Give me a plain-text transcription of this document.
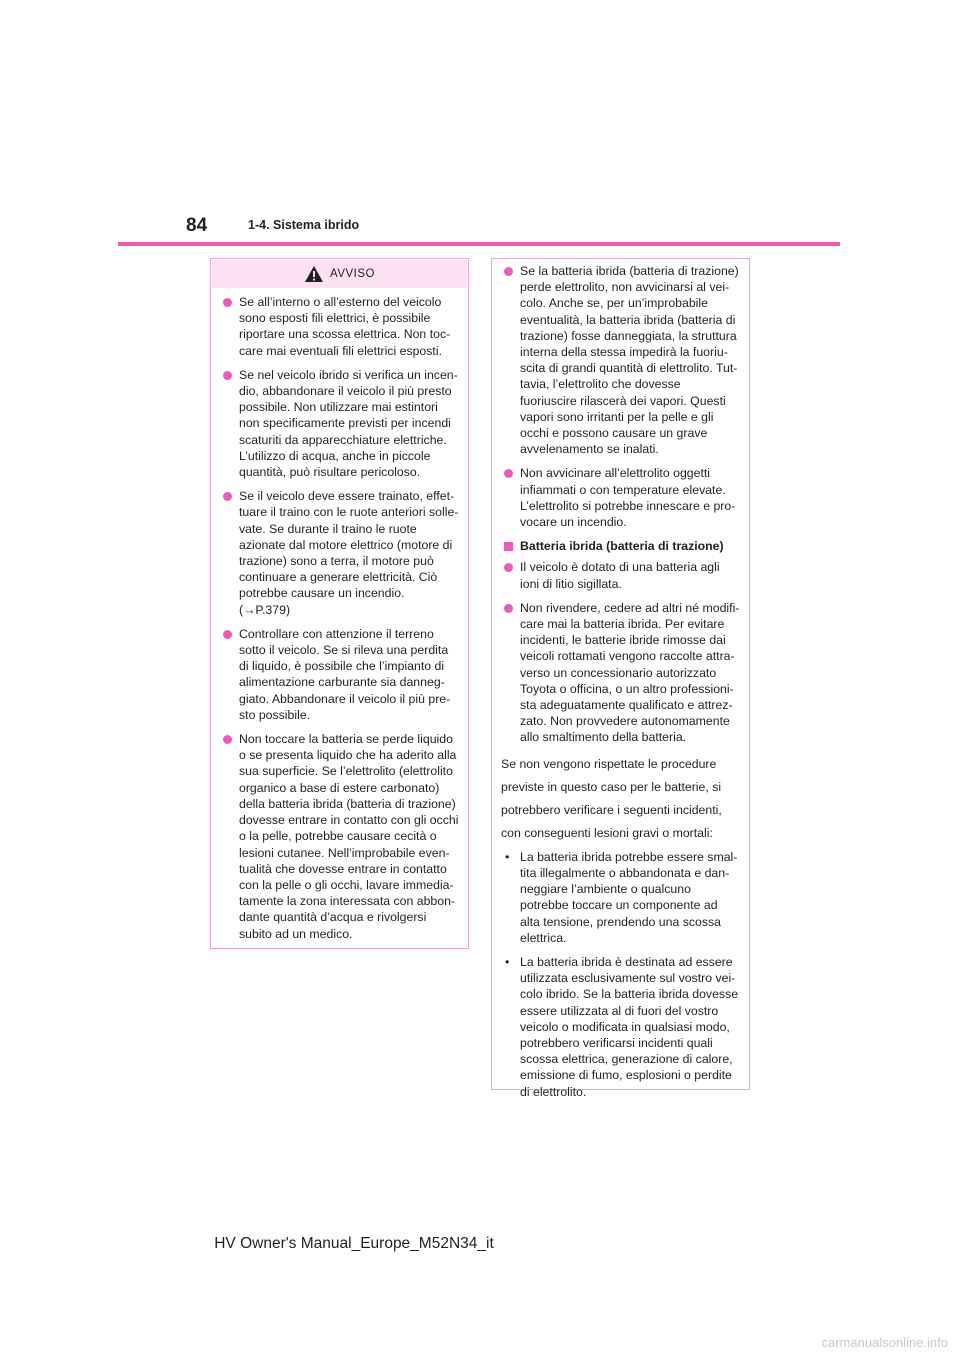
84	1-4. Sistema ibrido
AVVISO
Se all’interno o all’esterno del veicolo
sono esposti fili elettrici, è possibile
riportare una scossa elettrica. Non toc-
care mai eventuali fili elettrici esposti.
Se nel veicolo ibrido si verifica un incen-
dio, abbandonare il veicolo il più presto
possibile. Non utilizzare mai estintori
non specificamente previsti per incendi
scaturiti da apparecchiature elettriche.
L’utilizzo di acqua, anche in piccole
quantità, può risultare pericoloso.
Se il veicolo deve essere trainato, effet-
tuare il traino con le ruote anteriori solle-
vate. Se durante il traino le ruote
azionate dal motore elettrico (motore di
trazione) sono a terra, il motore può
continuare a generare elettricità. Ciò
potrebbe causare un incendio.
(→P.379)
Controllare con attenzione il terreno
sotto il veicolo. Se si rileva una perdita
di liquido, è possibile che l’impianto di
alimentazione carburante sia danneg-
giato. Abbandonare il veicolo il più pre-
sto possibile.
Non toccare la batteria se perde liquido
o se presenta liquido che ha aderito alla
sua superficie. Se l’elettrolito (elettrolito
organico a base di estere carbonato)
della batteria ibrida (batteria di trazione)
dovesse entrare in contatto con gli occhi
o la pelle, potrebbe causare cecità o
lesioni cutanee. Nell’improbabile even-
tualità che dovesse entrare in contatto
con la pelle o gli occhi, lavare immedia-
tamente la zona interessata con abbon-
dante quantità d’acqua e rivolgersi
subito ad un medico.
Se la batteria ibrida (batteria di trazione)
perde elettrolito, non avvicinarsi al vei-
colo. Anche se, per un’improbabile
eventualità, la batteria ibrida (batteria di
trazione) fosse danneggiata, la struttura
interna della stessa impedirà la fuoriu-
scita di grandi quantità di elettrolito. Tut-
tavia, l’elettrolito che dovesse
fuoriuscire rilascerà dei vapori. Questi
vapori sono irritanti per la pelle e gli
occhi e possono causare un grave
avvelenamento se inalati.
Non avvicinare all’elettrolito oggetti
infiammati o con temperature elevate.
L’elettrolito si potrebbe innescare e pro-
vocare un incendio.
Batteria ibrida (batteria di trazione)
Il veicolo è dotato di una batteria agli
ioni di litio sigillata.
Non rivendere, cedere ad altri né modifi-
care mai la batteria ibrida. Per evitare
incidenti, le batterie ibride rimosse dai
veicoli rottamati vengono raccolte attra-
verso un concessionario autorizzato
Toyota o officina, o un altro professioni-
sta adeguatamente qualificato e attrez-
zato. Non provvedere autonomamente
allo smaltimento della batteria.
Se non vengono rispettate le procedure
previste in questo caso per le batterie, si
potrebbero verificare i seguenti incidenti,
con conseguenti lesioni gravi o mortali:
• La batteria ibrida potrebbe essere smal-
tita illegalmente o abbandonata e dan-
neggiare l’ambiente o qualcuno
potrebbe toccare un componente ad
alta tensione, prendendo una scossa
elettrica.
• La batteria ibrida è destinata ad essere
utilizzata esclusivamente sul vostro vei-
colo ibrido. Se la batteria ibrida dovesse
essere utilizzata al di fuori del vostro
veicolo o modificata in qualsiasi modo,
potrebbero verificarsi incidenti quali
scossa elettrica, generazione di calore,
emissione di fumo, esplosioni o perdite
di elettrolito.
HV Owner's Manual_Europe_M52N34_it
carmanualsonline.info
